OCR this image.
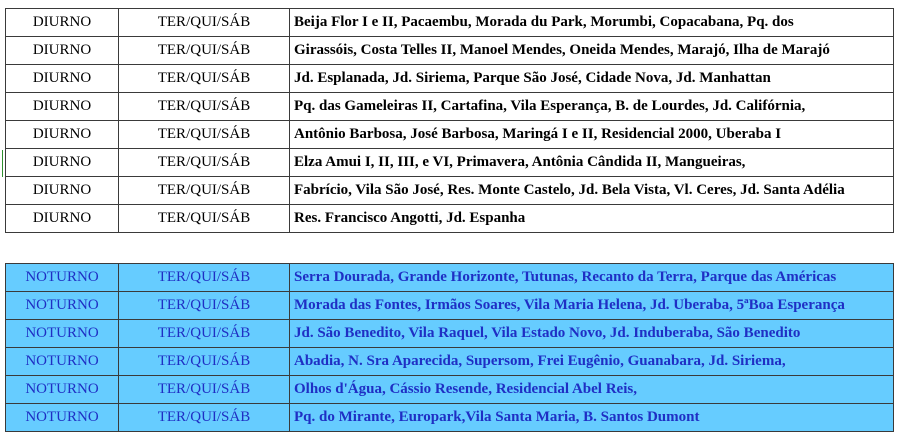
DIURNO	TER/QUI/SÁB	Beija Flor I e II, Pacaembu, Morada du Park, Morumbi, Copacabana, Pq. dos
DIURNO	TER/QUI/SÁB	Girassóis, Costa Telles II, Manoel Mendes, Oneida Mendes, Marajó, Ilha de Marajó
DIURNO	TER/QUI/SÁB	Jd. Esplanada, Jd. Siriema, Parque São José, Cidade Nova, Jd. Manhattan
DIURNO	TER/QUI/SÁB	Pq. das Gameleiras II, Cartafina, Vila Esperança, B. de Lourdes, Jd. Califórnia,
DIURNO	TER/QUI/SÁB	Antônio Barbosa, José Barbosa, Maringá I e II, Residencial 2000, Uberaba I
DIURNO	TER/QUI/SÁB	Elza Amui I, II, III, e VI, Primavera, Antônia Cândida II, Mangueiras,
DIURNO	TER/QUI/SÁB	Fabrício, Vila São José, Res. Monte Castelo, Jd. Bela Vista, Vl. Ceres, Jd. Santa Adélia
DIURNO	TER/QUI/SÁB	Res. Francisco Angotti, Jd. Espanha
NOTURNO	TER/QUI/SÁB	Serra Dourada, Grande Horizonte, Tutunas, Recanto da Terra, Parque das Américas
NOTURNO	TER/QUI/SÁB	Morada das Fontes, Irmãos Soares, Vila Maria Helena, Jd. Uberaba, 5ªBoa Esperança
NOTURNO	TER/QUI/SÁB	Jd. São Benedito, Vila Raquel, Vila Estado Novo, Jd. Induberaba, São Benedito
NOTURNO	TER/QUI/SÁB	Abadia, N. Sra Aparecida, Supersom, Frei Eugênio, Guanabara, Jd. Siriema,
NOTURNO	TER/QUI/SÁB	Olhos d'Água, Cássio Resende, Residencial Abel Reis,
NOTURNO	TER/QUI/SÁB	Pq. do Mirante, Europark,Vila Santa Maria, B. Santos Dumont
